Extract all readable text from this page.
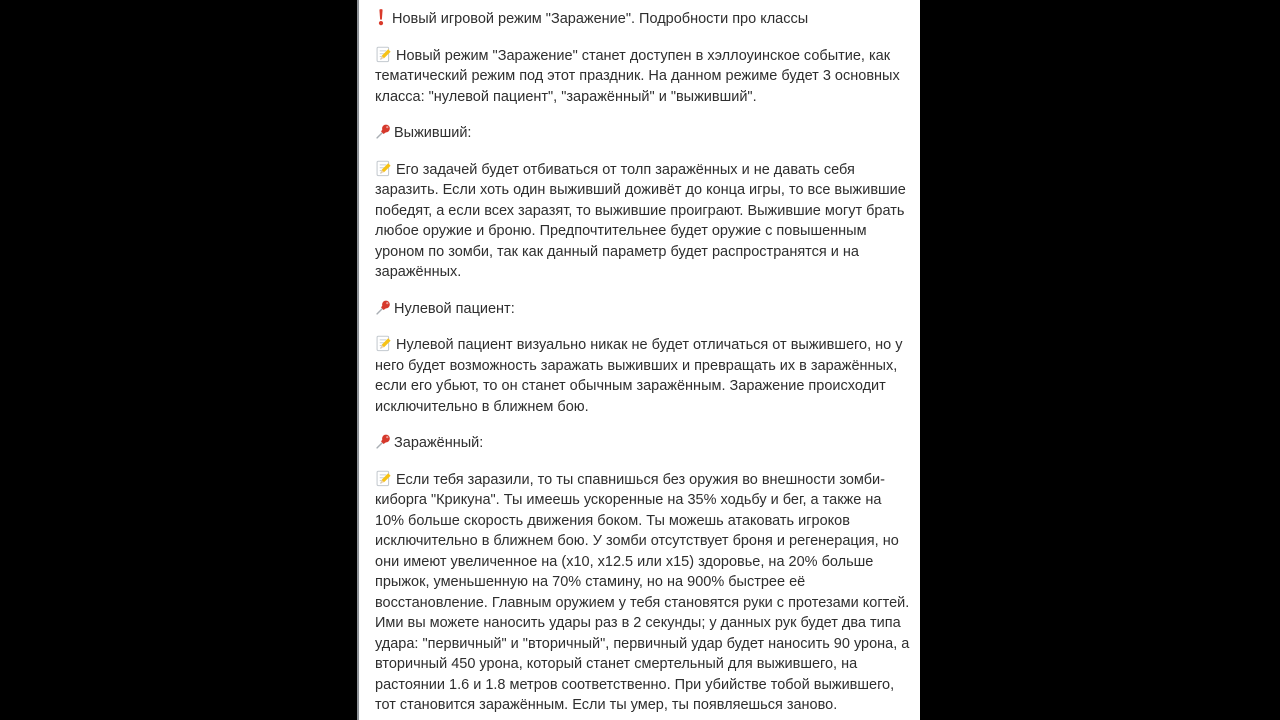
Новый игровой режим "Заражение". Подробности про классы

Новый режим "Заражение" станет доступен в хэллоуинское событие, как тематический режим под этот праздник. На данном режиме будет 3 основных класса: "нулевой пациент", "заражённый" и "выживший".

Выживший:

Его задачей будет отбиваться от толп заражённых и не давать себя заразить. Если хоть один выживший доживёт до конца игры, то все выжившие победят, а если всех заразят, то выжившие проиграют. Выжившие могут брать любое оружие и броню. Предпочтительнее будет оружие с повышенным уроном по зомби, так как данный параметр будет распространятся и на заражённых.

Нулевой пациент:

Нулевой пациент визуально никак не будет отличаться от выжившего, но у него будет возможность заражать выживших и превращать их в заражённых, если его убьют, то он станет обычным заражённым. Заражение происходит исключительно в ближнем бою.

Заражённый:

Если тебя заразили, то ты спавнишься без оружия во внешности зомби-киборга "Крикуна". Ты имеешь ускоренные на 35% ходьбу и бег, а также на 10% больше скорость движения боком. Ты можешь атаковать игроков исключительно в ближнем бою. У зомби отсутствует броня и регенерация, но они имеют увеличенное на (x10, x12.5 или x15) здоровье, на 20% больше прыжок, уменьшенную на 70% стамину, но на 900% быстрее её восстановление. Главным оружием у тебя становятся руки с протезами когтей. Ими вы можете наносить удары раз в 2 секунды; у данных рук будет два типа удара: "первичный" и "вторичный", первичный удар будет наносить 90 урона, а вторичный 450 урона, который станет смертельный для выжившего, на растоянии 1.6 и 1.8 метров соответственно. При убийстве тобой выжившего, тот становится заражённым. Если ты умер, ты появляешься заново.
